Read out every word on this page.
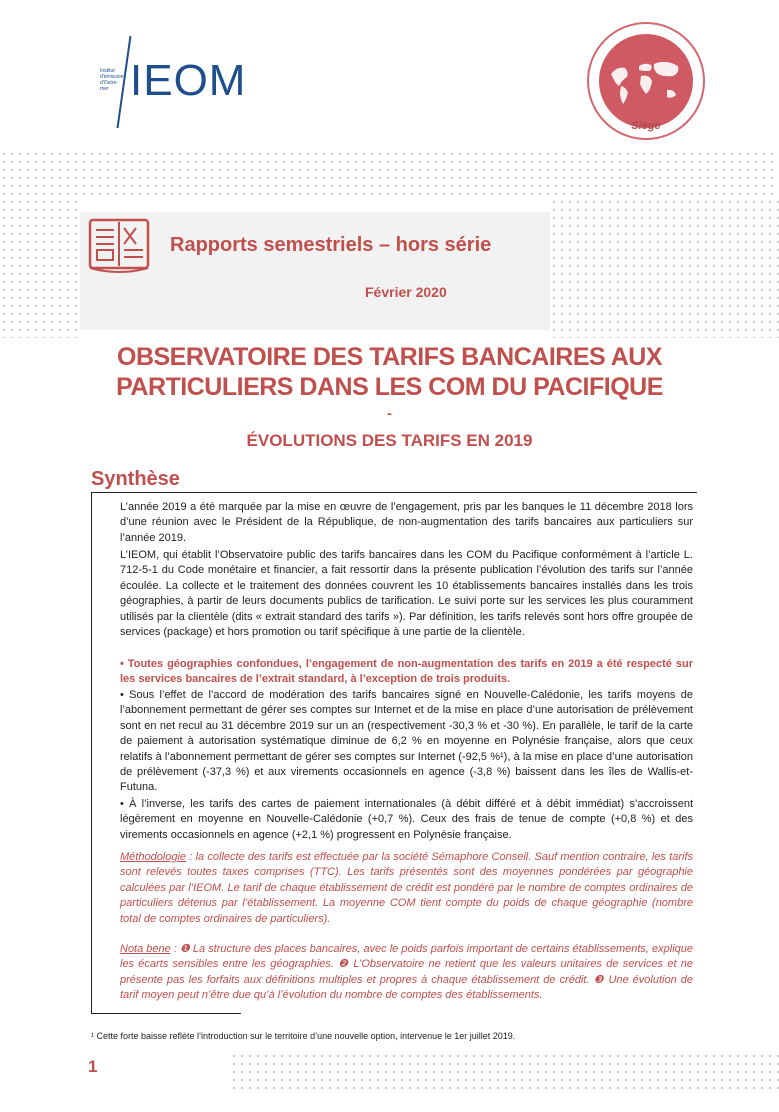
Institut d'émission d'Outre-mer IEOM
Siège
Rapports semestriels – hors série
Février 2020
OBSERVATOIRE DES TARIFS BANCAIRES AUX
PARTICULIERS DANS LES COM DU PACIFIQUE
-
ÉVOLUTIONS DES TARIFS EN 2019
Synthèse
L’année 2019 a été marquée par la mise en œuvre de l’engagement, pris par les banques le 11 décembre 2018 lors d’une réunion avec le Président de la République, de non-augmentation des tarifs bancaires aux particuliers sur l’année 2019.
L’IEOM, qui établit l’Observatoire public des tarifs bancaires dans les COM du Pacifique conformément à l’article L. 712-5-1 du Code monétaire et financier, a fait ressortir dans la présente publication l’évolution des tarifs sur l’année écoulée. La collecte et le traitement des données couvrent les 10 établissements bancaires installés dans les trois géographies, à partir de leurs documents publics de tarification. Le suivi porte sur les services les plus couramment utilisés par la clientèle (dits « extrait standard des tarifs »). Par définition, les tarifs relevés sont hors offre groupée de services (package) et hors promotion ou tarif spécifique à une partie de la clientèle.
• Toutes géographies confondues, l’engagement de non-augmentation des tarifs en 2019 a été respecté sur les services bancaires de l’extrait standard, à l’exception de trois produits.
• Sous l’effet de l’accord de modération des tarifs bancaires signé en Nouvelle-Calédonie, les tarifs moyens de l’abonnement permettant de gérer ses comptes sur Internet et de la mise en place d’une autorisation de prélèvement sont en net recul au 31 décembre 2019 sur un an (respectivement -30,3 % et -30 %). En parallèle, le tarif de la carte de paiement à autorisation systématique diminue de 6,2 % en moyenne en Polynésie française, alors que ceux relatifs à l’abonnement permettant de gérer ses comptes sur Internet (-92,5 %¹), à la mise en place d’une autorisation de prélèvement (-37,3 %) et aux virements occasionnels en agence (-3,8 %) baissent dans les îles de Wallis-et-Futuna.
• À l’inverse, les tarifs des cartes de paiement internationales (à débit différé et à débit immédiat) s’accroissent légèrement en moyenne en Nouvelle-Calédonie (+0,7 %). Ceux des frais de tenue de compte (+0,8 %) et des virements occasionnels en agence (+2,1 %) progressent en Polynésie française.
Méthodologie : la collecte des tarifs est effectuée par la société Sémaphore Conseil. Sauf mention contraire, les tarifs sont relevés toutes taxes comprises (TTC). Les tarifs présentés sont des moyennes pondérées par géographie calculées par l’IEOM. Le tarif de chaque établissement de crédit est pondéré par le nombre de comptes ordinaires de particuliers détenus par l’établissement. La moyenne COM tient compte du poids de chaque géographie (nombre total de comptes ordinaires de particuliers).
Nota bene : ❶ La structure des places bancaires, avec le poids parfois important de certains établissements, explique les écarts sensibles entre les géographies. ❷ L’Observatoire ne retient que les valeurs unitaires de services et ne présente pas les forfaits aux définitions multiples et propres à chaque établissement de crédit. ❸ Une évolution de tarif moyen peut n’être due qu’à l’évolution du nombre de comptes des établissements.
¹ Cette forte baisse reflète l’introduction sur le territoire d’une nouvelle option, intervenue le 1er juillet 2019.
1
